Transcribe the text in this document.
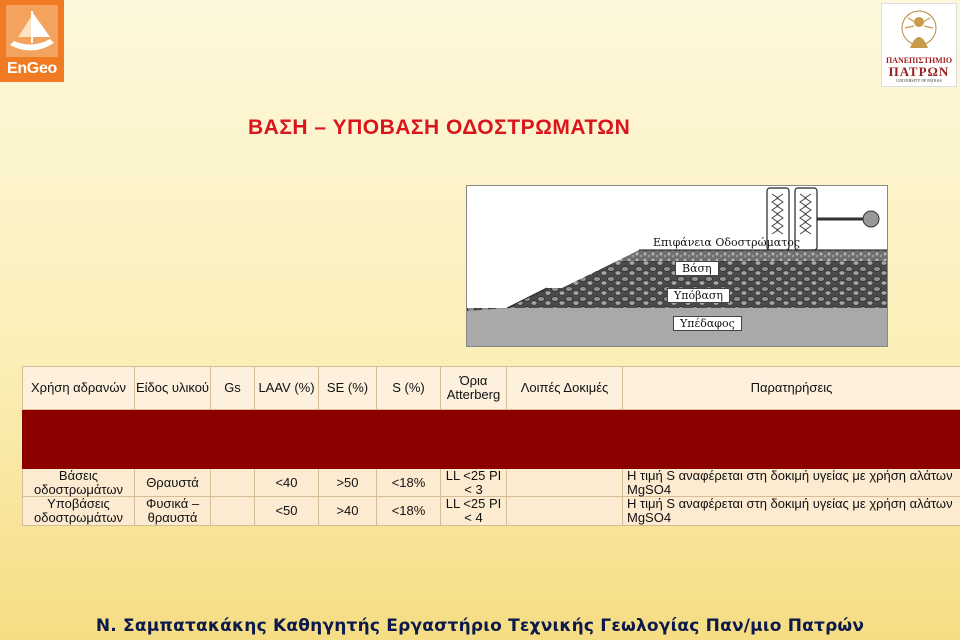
EnGeo	ΠΑΝΕΠΙΣΤΗΜΙΟ
ΠΑΤΡΩΝ
UNIVERSITY OF PATRAS
ΒΑΣΗ – ΥΠΟΒΑΣΗ ΟΔΟΣΤΡΩΜΑΤΩΝ
Επιφάνεια Οδοστρώματος
Βάση
Υπόβαση
Υπέδαφος
Χρήση αδρανών	Είδος υλικού	Gs	LAAV (%)	SE (%)	S (%)	Όρια Atterberg	Λοιπές Δοκιμές	Παρατηρήσεις

Βάσεις οδοστρωμάτων	Θραυστά		<40	>50	<18%	LL <25 PI < 3		Η τιμή S αναφέρεται στη δοκιμή υγείας με χρήση αλάτων MgSO4
Υποβάσεις οδοστρωμάτων	Φυσικά – θραυστά		<50	>40	<18%	LL <25 PI < 4		Η τιμή S αναφέρεται στη δοκιμή υγείας με χρήση αλάτων MgSO4
Ν. Σαμπατακάκης Καθηγητής Εργαστήριο Τεχνικής Γεωλογίας Παν/μιο Πατρών
